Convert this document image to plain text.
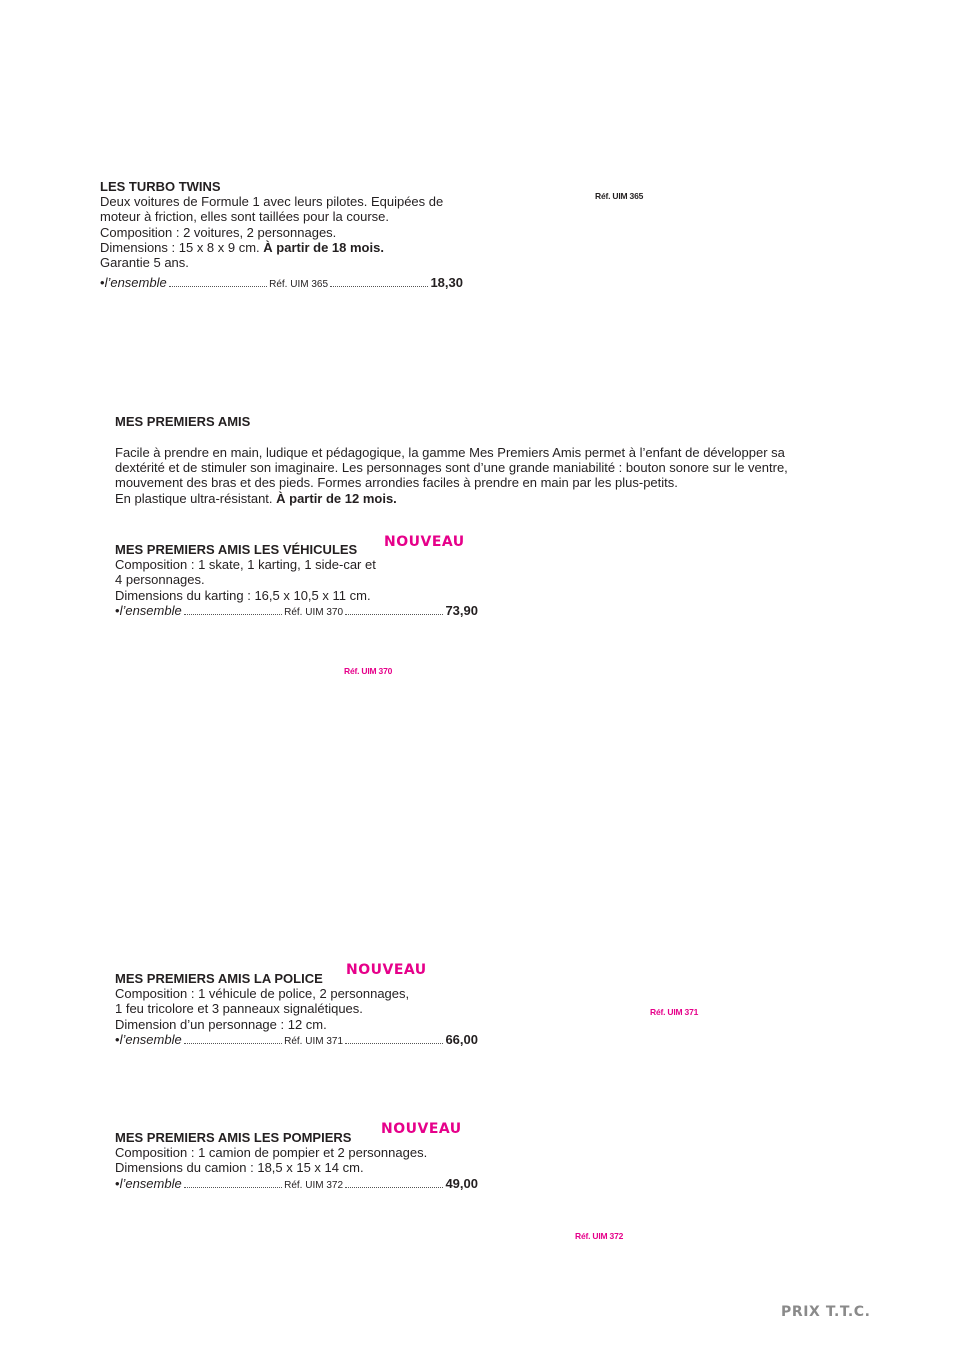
LES TURBO TWINS
Deux voitures de Formule 1 avec leurs pilotes. Equipées de
moteur à friction, elles sont taillées pour la course.
Composition : 2 voitures, 2 personnages.
Dimensions : 15 x 8 x 9 cm. À partir de 18 mois.
Garantie 5 ans.
• l’ensemble	Réf. UIM 365	18,30
Réf. UIM 365
MES PREMIERS AMIS
Facile à prendre en main, ludique et pédagogique, la gamme Mes Premiers Amis permet à l’enfant de développer sa
dextérité et de stimuler son imaginaire. Les personnages sont d’une grande maniabilité : bouton sonore sur le ventre,
mouvement des bras et des pieds. Formes arrondies faciles à prendre en main par les plus-petits.
En plastique ultra-résistant. À partir de 12 mois.
MES PREMIERS AMIS LES VÉHICULES
Composition : 1 skate, 1 karting, 1 side-car et
4 personnages.
Dimensions du karting : 16,5 x 10,5 x 11 cm.
• l’ensemble	Réf. UIM 370	73,90
NOUVEAU
Réf. UIM 370
MES PREMIERS AMIS LA POLICE
Composition : 1 véhicule de police, 2 personnages,
1 feu tricolore et 3 panneaux signalétiques.
Dimension d’un personnage : 12 cm.
• l’ensemble	Réf. UIM 371	66,00
NOUVEAU
Réf. UIM 371
MES PREMIERS AMIS LES POMPIERS
Composition : 1 camion de pompier et 2 personnages.
Dimensions du camion : 18,5 x 15 x 14 cm.
• l’ensemble	Réf. UIM 372	49,00
NOUVEAU
Réf. UIM 372
PRIX T.T.C.
